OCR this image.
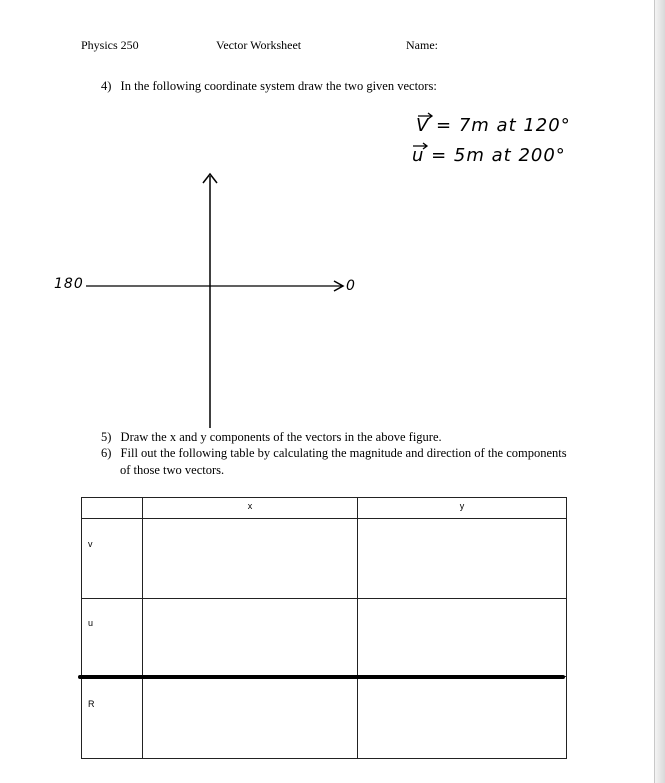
Physics 250	Vector Worksheet	Name:
4) In the following coordinate system draw the two given vectors:
V = 7m at 120°
u = 5m at 200°
180	0
5) Draw the x and y components of the vectors in the above figure.
6) Fill out the following table by calculating the magnitude and direction of the components
of those two vectors.
	x	y
v		
u		
R		
